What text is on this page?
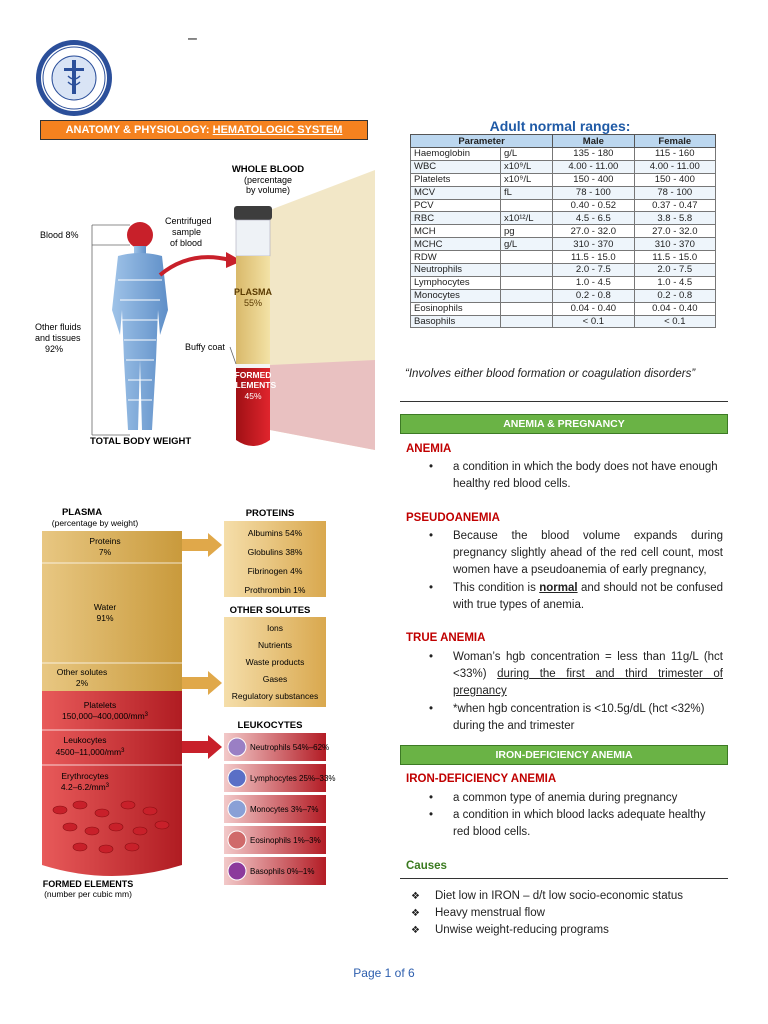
–
ANATOMY & PHYSIOLOGY: HEMATOLOGIC SYSTEM
WHOLE BLOOD
(percentage
by volume)
Centrifuged
sample
of blood
Blood 8%
Other fluids
and tissues
92%
PLASMA
55%
Buffy coat
FORMED
ELEMENTS
45%
TOTAL BODY WEIGHT
PLASMA
(percentage by weight)
Proteins
7%
Water
91%
Other solutes
2%
Platelets
$150,000-400,000/mm^3$
Leukocytes
$4500-11,000/mm^3$
Erythrocytes
$4.2-6.2/mm^3$
FORMED ELEMENTS
(number per cubic mm)
PROTEINS
Albumins 54%
Globulins 38%
Fibrinogen 4%
Prothrombin 1%
OTHER SOLUTES
Ions
Nutrients
Waste products
Gases
Regulatory substances
LEUKOCYTES
Neutrophils 54%–62%
Lymphocytes 25%–33%
Monocytes 3%–7%
Eosinophils 1%–3%
Basophils 0%–1%
Adult normal ranges:
Parameter		Male	Female
Haemoglobin	g/L	135 - 180	115 - 160
WBC	x10⁹/L	4.00 - 11.00	4.00 - 11.00
Platelets	x10⁹/L	150 - 400	150 - 400
MCV	fL	78 - 100	78 - 100
PCV		0.40 - 0.52	0.37 - 0.47
RBC	x10¹²/L	4.5 - 6.5	3.8 - 5.8
MCH	pg	27.0 - 32.0	27.0 - 32.0
MCHC	g/L	310 - 370	310 - 370
RDW		11.5 - 15.0	11.5 - 15.0
Neutrophils		2.0 - 7.5	2.0 - 7.5
Lymphocytes		1.0 - 4.5	1.0 - 4.5
Monocytes		0.2 - 0.8	0.2 - 0.8
Eosinophils		0.04 - 0.40	0.04 - 0.40
Basophils		< 0.1	< 0.1
“Involves either blood formation or coagulation disorders”
ANEMIA & PREGNANCY
ANEMIA
• a condition in which the body does not have enough healthy red blood cells.
PSEUDOANEMIA
• Because the blood volume expands during pregnancy slightly ahead of the red cell count, most women have a pseudoanemia of early pregnancy,
• This condition is normal and should not be confused with true types of anemia.
TRUE ANEMIA
• Woman’s hgb concentration = less than 11g/L (hct <33%) during the first and third trimester of pregnancy
• *when hgb concentration is <10.5g/dL (hct <32%) during the and trimester
IRON-DEFICIENCY ANEMIA
IRON-DEFICIENCY ANEMIA
• a common type of anemia during pregnancy
• a condition in which blood lacks adequate healthy red blood cells.
Causes
❖ Diet low in IRON – d/t low socio-economic status
❖ Heavy menstrual flow
❖ Unwise weight-reducing programs
Page 1 of 6
